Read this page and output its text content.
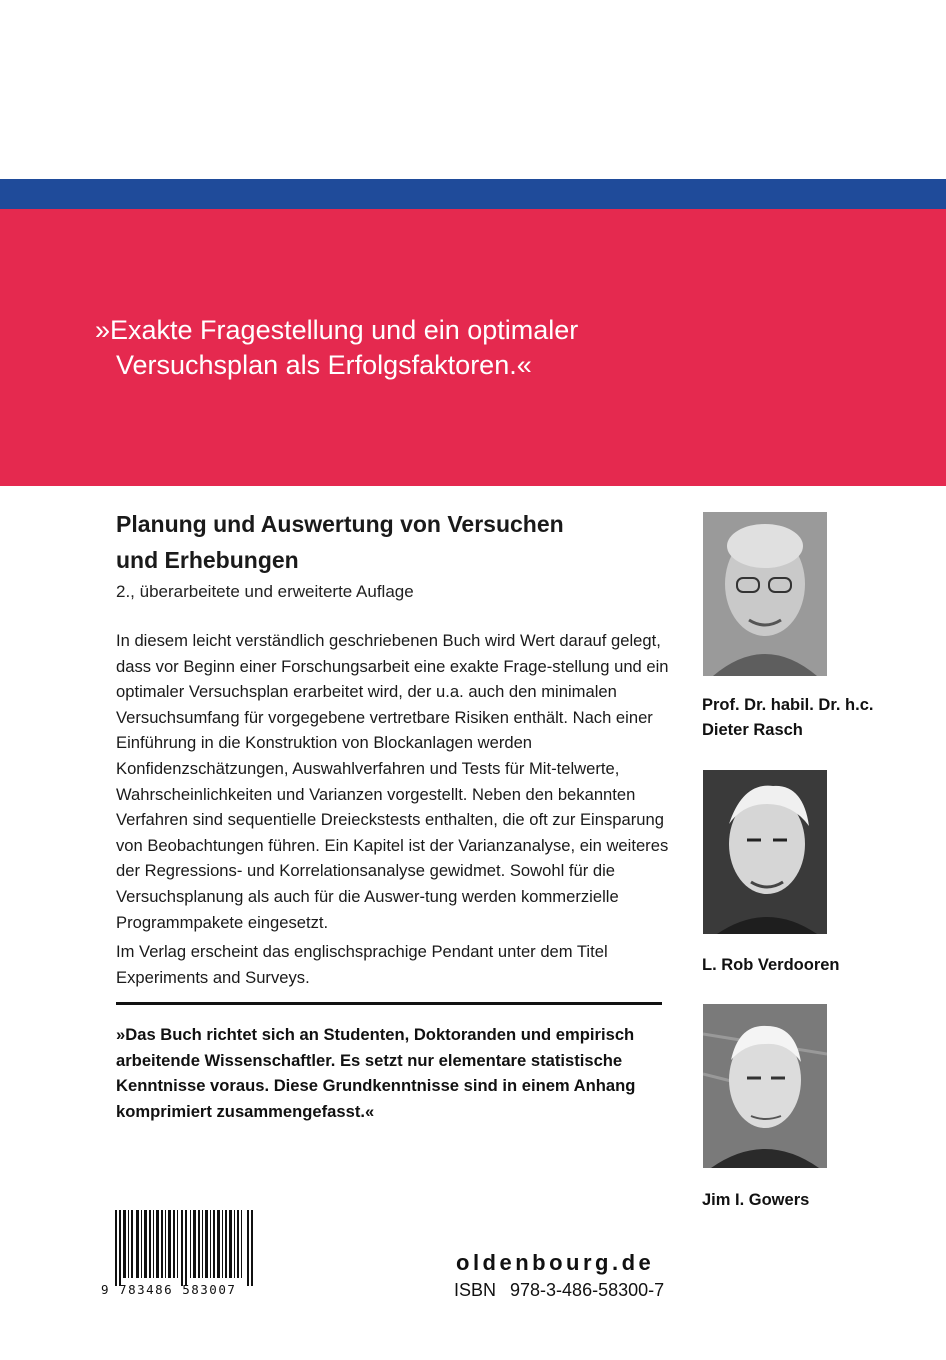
»Exakte Fragestellung und ein optimaler
Versuchsplan als Erfolgsfaktoren.«
Planung und Auswertung von Versuchen
und Erhebungen
2., überarbeitete und erweiterte Auflage

In diesem leicht verständlich geschriebenen Buch wird Wert darauf gelegt, dass vor Beginn einer Forschungsarbeit eine exakte Frage-stellung und ein optimaler Versuchsplan erarbeitet wird, der u.a. auch den minimalen Versuchsumfang für vorgegebene vertretbare Risiken enthält. Nach einer Einführung in die Konstruktion von Blockanlagen werden Konfidenzschätzungen, Auswahlverfahren und Tests für Mit-telwerte, Wahrscheinlichkeiten und Varianzen vorgestellt. Neben den bekannten Verfahren sind sequentielle Dreieckstests enthalten, die oft zur Einsparung von Beobachtungen führen. Ein Kapitel ist der Varianzanalyse, ein weiteres der Regressions- und Korrelationsanalyse gewidmet. Sowohl für die Versuchsplanung als auch für die Auswer-tung werden kommerzielle Programmpakete eingesetzt.

Im Verlag erscheint das englischsprachige Pendant unter dem Titel Experiments and Surveys.

»Das Buch richtet sich an Studenten, Doktoranden und empirisch arbeitende Wissenschaftler. Es setzt nur elementare statistische Kenntnisse voraus. Diese Grundkenntnisse sind in einem Anhang komprimiert zusammengefasst.«
Prof. Dr. habil. Dr. h.c.
Dieter Rasch
L. Rob Verdooren
Jim I. Gowers
9 783486 583007
oldenbourg.de
ISBN 978-3-486-58300-7
